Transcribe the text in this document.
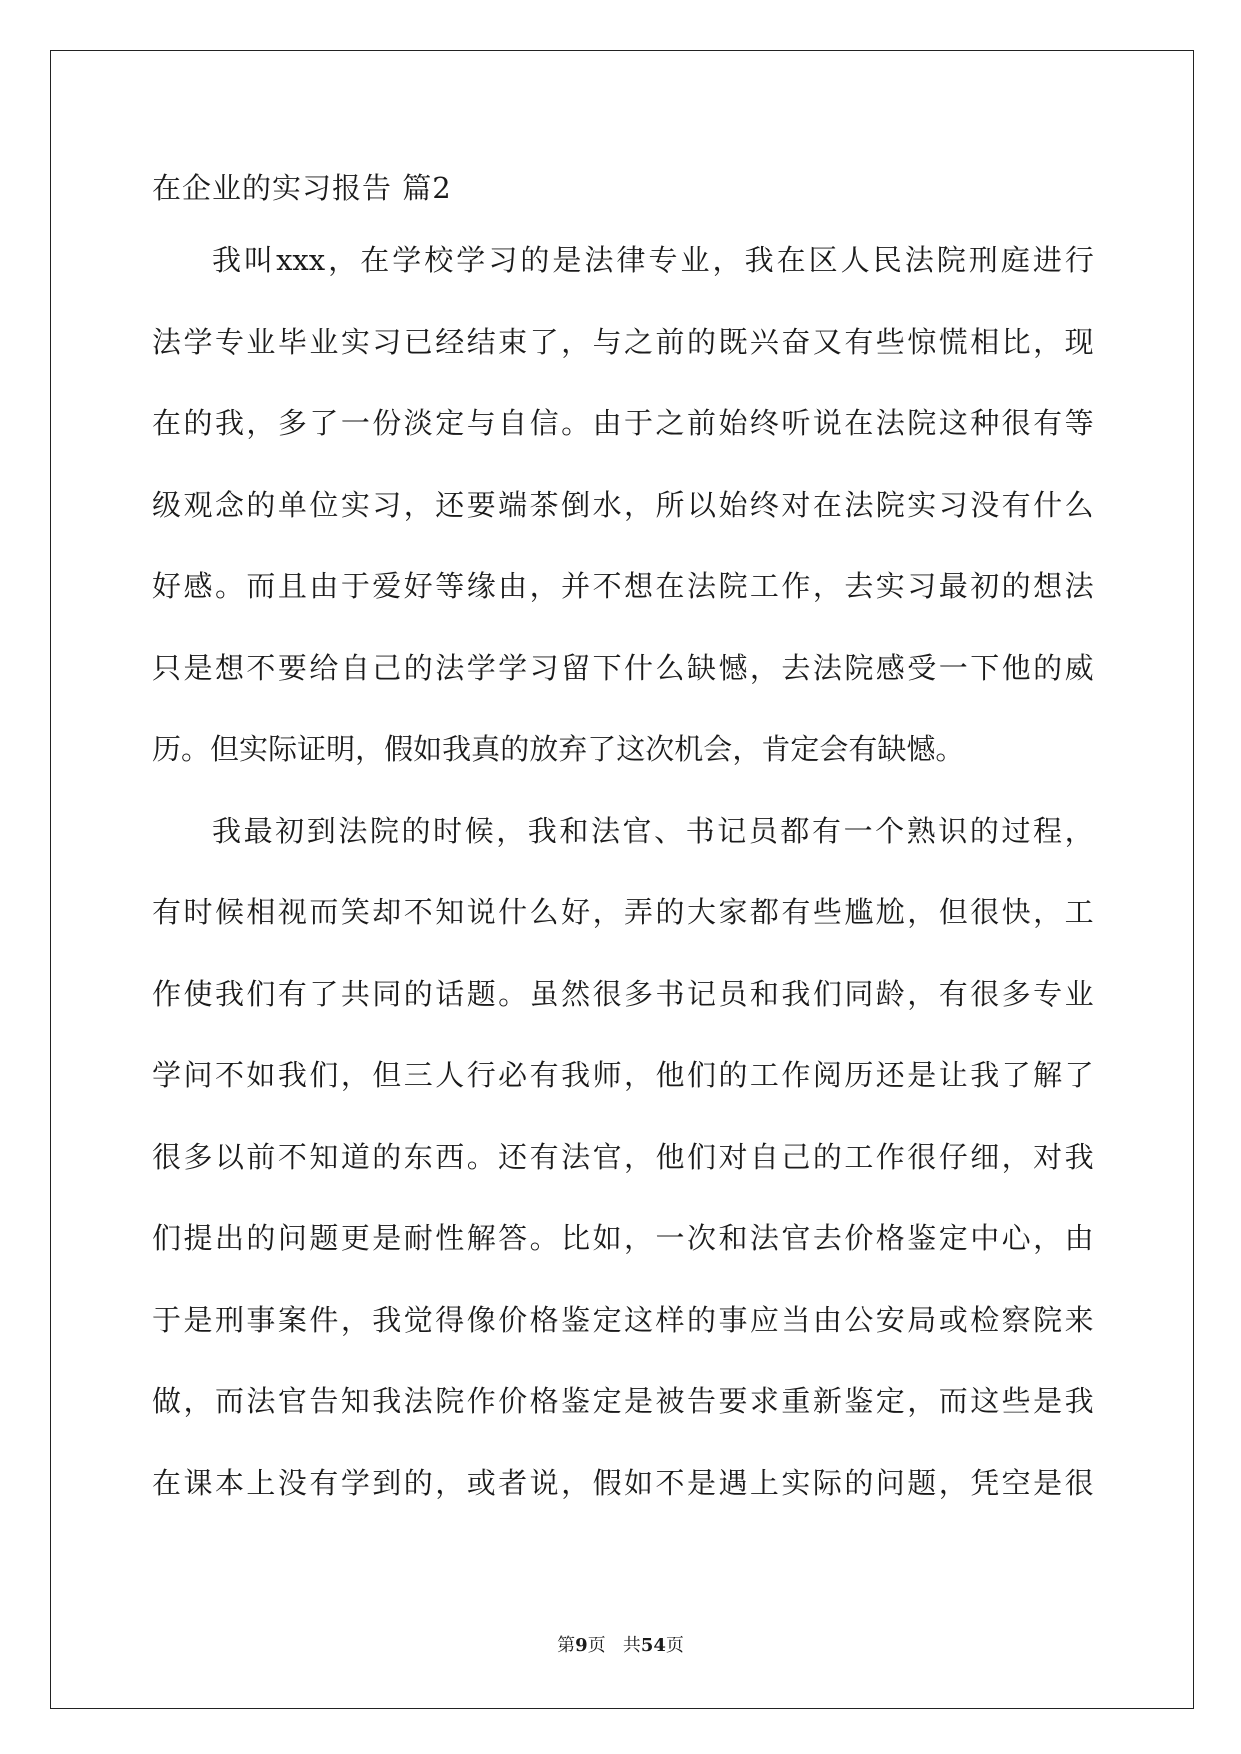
在企业的实习报告 篇2
我 叫 xxx ， 在 学 校 学 习 的 是 法 律 专 业 ， 我 在 区 人 民 法 院 刑 庭 进 行
法 学 专 业 毕 业 实 习 已 经 结 束 了 ， 与 之 前 的 既 兴 奋 又 有 些 惊 慌 相 比 ， 现
在 的 我 ， 多 了 一 份 淡 定 与 自 信 。 由 于 之 前 始 终 听 说 在 法 院 这 种 很 有 等
级 观 念 的 单 位 实 习 ， 还 要 端 茶 倒 水 ， 所 以 始 终 对 在 法 院 实 习 没 有 什 么
好 感 。 而 且 由 于 爱 好 等 缘 由 ， 并 不 想 在 法 院 工 作 ， 去 实 习 最 初 的 想 法
只 是 想 不 要 给 自 己 的 法 学 学 习 留 下 什 么 缺 憾 ， 去 法 院 感 受 一 下 他 的 威
历 。 但 实 际 证 明 ， 假 如 我 真 的 放 弃 了 这 次 机 会 ， 肯 定 会 有 缺 憾 。
我 最 初 到 法 院 的 时 候 ， 我 和 法 官 、 书 记 员 都 有 一 个 熟 识 的 过 程 ，
有 时 候 相 视 而 笑 却 不 知 说 什 么 好 ， 弄 的 大 家 都 有 些 尴 尬 ， 但 很 快 ， 工
作 使 我 们 有 了 共 同 的 话 题 。 虽 然 很 多 书 记 员 和 我 们 同 龄 ， 有 很 多 专 业
学 问 不 如 我 们 ， 但 三 人 行 必 有 我 师 ， 他 们 的 工 作 阅 历 还 是 让 我 了 解 了
很 多 以 前 不 知 道 的 东 西 。 还 有 法 官 ， 他 们 对 自 己 的 工 作 很 仔 细 ， 对 我
们 提 出 的 问 题 更 是 耐 性 解 答 。 比 如 ， 一 次 和 法 官 去 价 格 鉴 定 中 心 ， 由
于 是 刑 事 案 件 ， 我 觉 得 像 价 格 鉴 定 这 样 的 事 应 当 由 公 安 局 或 检 察 院 来
做 ， 而 法 官 告 知 我 法 院 作 价 格 鉴 定 是 被 告 要 求 重 新 鉴 定 ， 而 这 些 是 我
在 课 本 上 没 有 学 到 的 ， 或 者 说 ， 假 如 不 是 遇 上 实 际 的 问 题 ， 凭 空 是 很
第9页 共54页
